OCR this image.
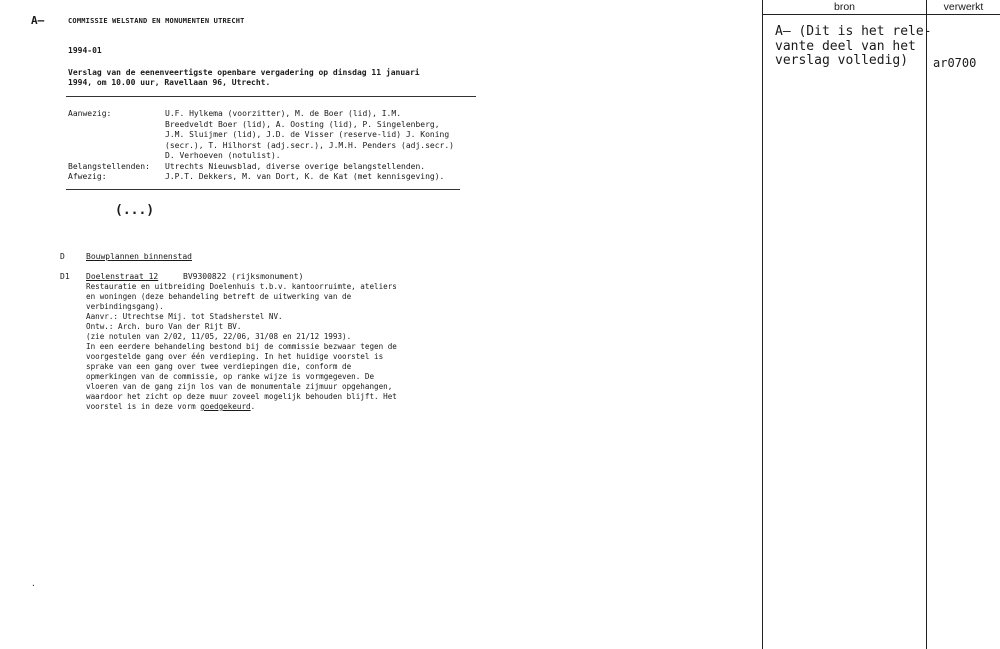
A—	COMMISSIE WELSTAND EN MONUMENTEN UTRECHT
1994-01
Verslag van de eenenveertigste openbare vergadering op dinsdag 11 januari
1994, om 10.00 uur, Ravellaan 96, Utrecht.
Aanwezig:	U.F. Hylkema (voorzitter), M. de Boer (lid), I.M.
Breedveldt Boer (lid), A. Oosting (lid), P. Singelenberg,
J.M. Sluijmer (lid), J.D. de Visser (reserve-lid) J. Koning
(secr.), T. Hilhorst (adj.secr.), J.M.H. Penders (adj.secr.)
D. Verhoeven (notulist).
Belangstellenden: Utrechts Nieuwsblad, diverse overige belangstellenden.
Afwezig:	J.P.T. Dekkers, M. van Dort, K. de Kat (met kennisgeving).
(...)
D	Bouwplannen binnenstad
D1 Doelenstraat 12	BV9300822 (rijksmonument)
Restauratie en uitbreiding Doelenhuis t.b.v. kantoorruimte, ateliers
en woningen (deze behandeling betreft de uitwerking van de
verbindingsgang).
Aanvr.: Utrechtse Mij. tot Stadsherstel NV.
Ontw.: Arch. buro Van der Rijt BV.
(zie notulen van 2/02, 11/05, 22/06, 31/08 en 21/12 1993).
In een eerdere behandeling bestond bij de commissie bezwaar tegen de
voorgestelde gang over één verdieping. In het huidige voorstel is
sprake van een gang over twee verdiepingen die, conform de
opmerkingen van de commissie, op ranke wijze is vormgegeven. De
vloeren van de gang zijn los van de monumentale zijmuur opgehangen,
waardoor het zicht op deze muur zoveel mogelijk behouden blijft. Het
voorstel is in deze vorm goedgekeurd.
.
bron	verwerkt
A— (Dit is het rele-
vante deel van het
verslag volledig)	ar0700
